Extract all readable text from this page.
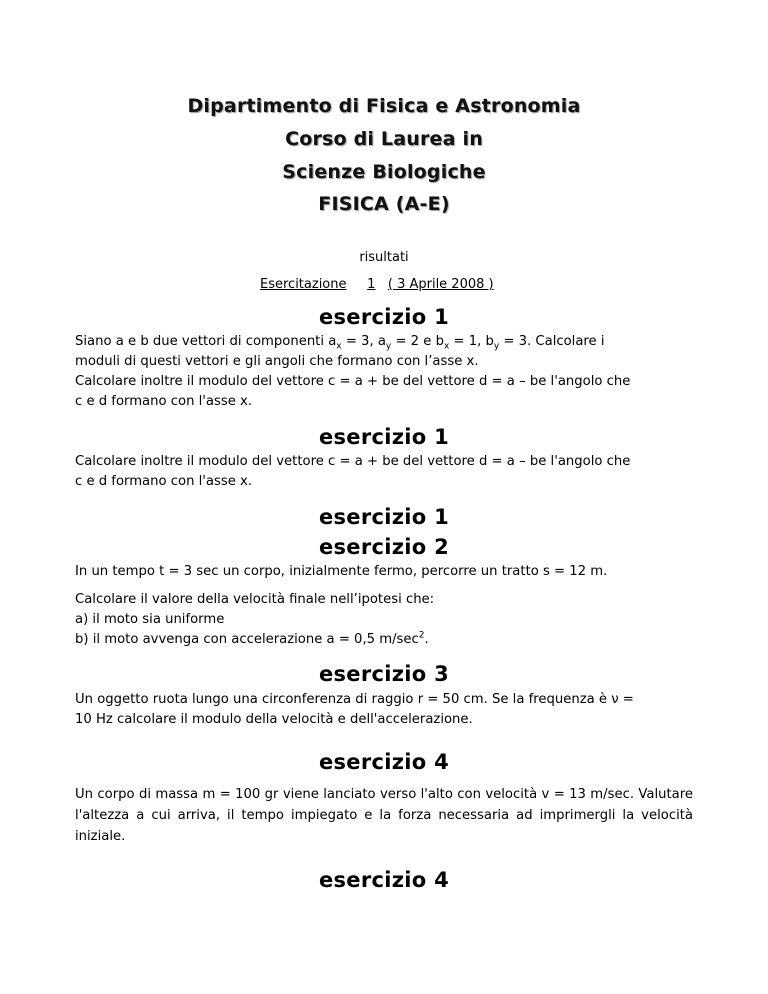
Dipartimento di Fisica e Astronomia
Corso di Laurea in
Scienze Biologiche
FISICA (A-E)
risultati
Esercitazione 1 ( 3 Aprile 2008 )
esercizio 1
Siano a e b due vettori di componenti $a_x = 3$, $a_y = 2$ e $b_x = 1$, $b_y = 3$. Calcolare i
moduli di questi vettori e gli angoli che formano con l’asse x.
Calcolare inoltre il modulo del vettore c = a + be del vettore d = a – be l'angolo che
c e d formano con l'asse x.
esercizio 1
Calcolare inoltre il modulo del vettore c = a + be del vettore d = a – be l'angolo che
c e d formano con l'asse x.
esercizio 1
esercizio 2
In un tempo t = 3 sec un corpo, inizialmente fermo, percorre un tratto s = 12 m.
Calcolare il valore della velocità finale nell’ipotesi che:
a) il moto sia uniforme
b) il moto avvenga con accelerazione a = 0,5 $m/\sec^2$.
esercizio 3
Un oggetto ruota lungo una circonferenza di raggio r = 50 cm. Se la frequenza è ν =
10 Hz calcolare il modulo della velocità e dell'accelerazione.
esercizio 4
Un corpo di massa m = 100 gr viene lanciato verso l'alto con velocità v = 13 m/sec. Valutare l'altezza a cui arriva, il tempo impiegato e la forza necessaria ad imprimergli la velocità iniziale.
esercizio 4
